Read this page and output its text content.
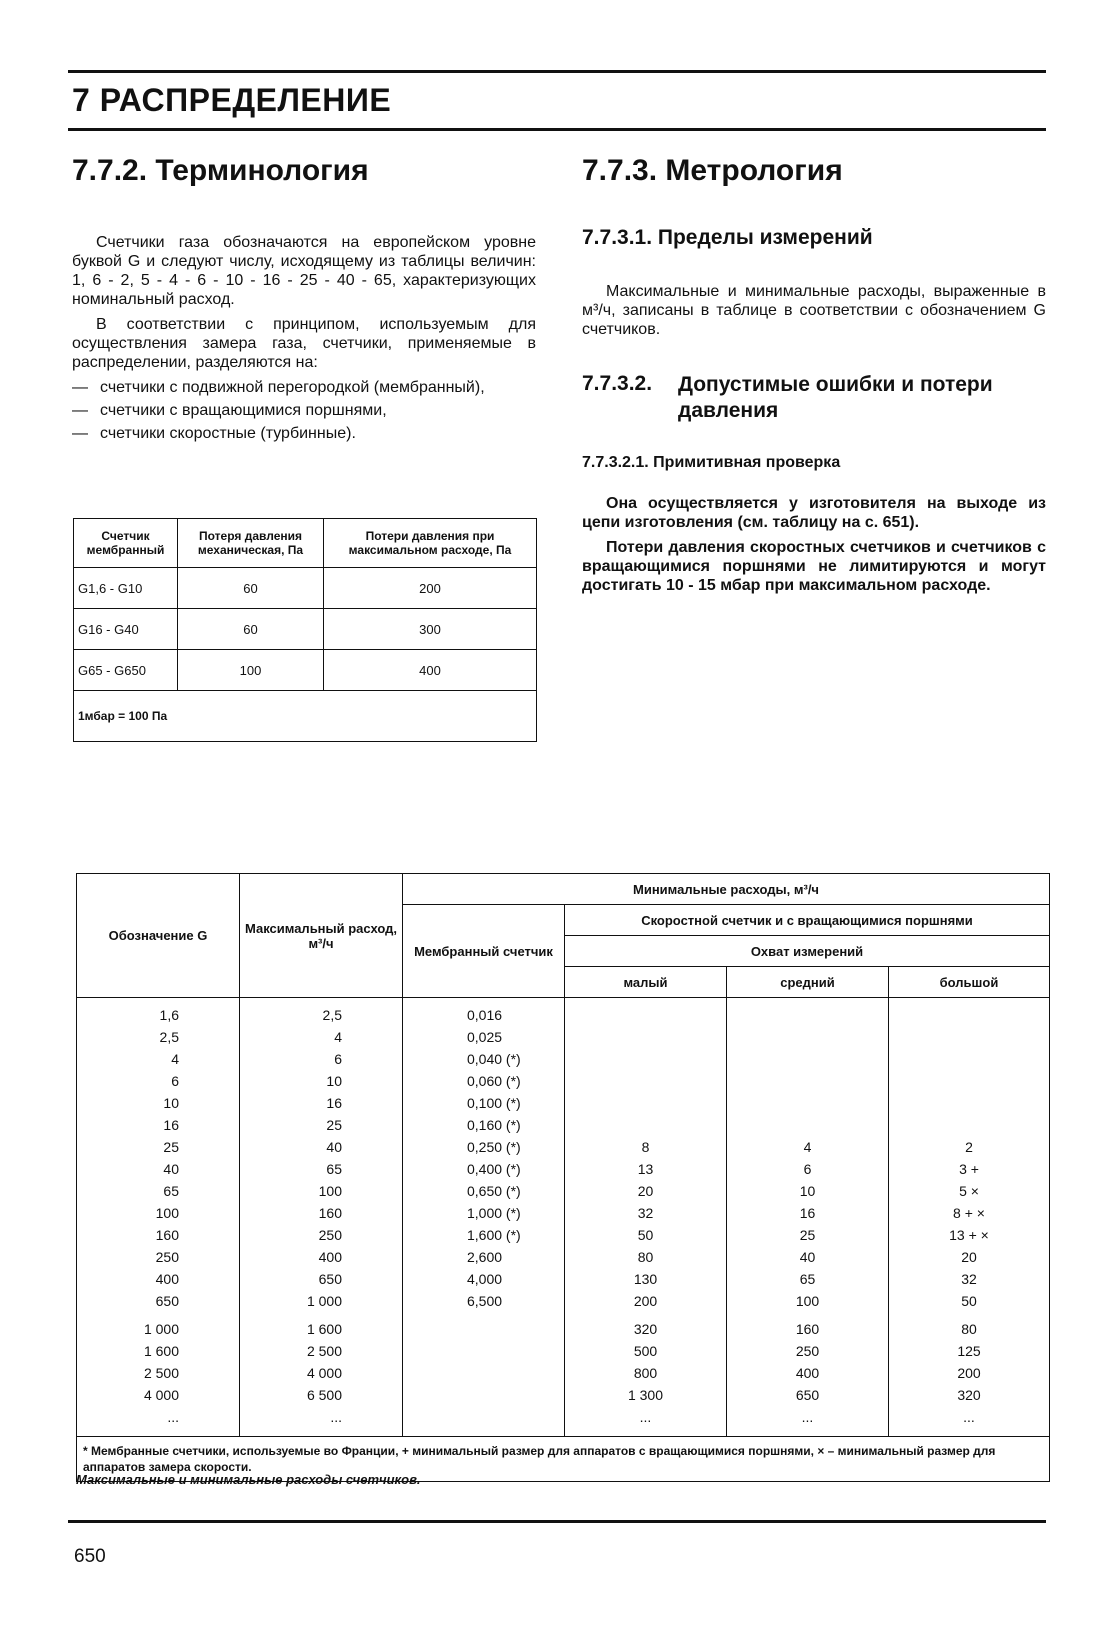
7 РАСПРЕДЕЛЕНИЕ
7.7.2. Терминология

Счетчики газа обозначаются на европейском уровне буквой G и следуют числу, исходящему из таблицы величин: 1, 6 - 2, 5 - 4 - 6 - 10 - 16 - 25 - 40 - 65, характеризующих номинальный расход.

В соответствии с принципом, используемым для осуществления замера газа, счетчики, применяемые в распределении, разделяются на:

— счетчики с подвижной перегородкой (мембранный),
— счетчики с вращающимися поршнями,
— счетчики скоростные (турбинные).
Счетчик мембранный	Потеря давления механическая, Па	Потери давления при максимальном расходе, Па
G1,6 - G10	60	200
G16 - G40	60	300
G65 - G650	100	400
1мбар = 100 Па		
7.7.3. Метрология
7.7.3.1. Пределы измерений

Максимальные и минимальные расходы, выраженные в м³/ч, записаны в таблице в соответствии с обозначением G счетчиков.

7.7.3.2.	Допустимые ошибки и потери давления
7.7.3.2.1. Примитивная проверка

Она осуществляется у изготовителя на выходе из цепи изготовления (см. таблицу на с. 651).

Потери давления скоростных счетчиков и счетчиков с вращающимися поршнями не лимитируются и могут достигать 10 - 15 мбар при максимальном расходе.

Обозначение G	Максимальный расход, м³/ч	Минимальные расходы, м³/ч			
		Мембранный счетчик	Скоростной счетчик и с вращающимися поршнями		
			Охват измерений		
			малый	средний	большой
1,6	2,5	0,016			
2,5	4	0,025			
4	6	0,040 (*)			
6	10	0,060 (*)			
10	16	0,100 (*)			
16	25	0,160 (*)			
25	40	0,250 (*)	8	4	2
40	65	0,400 (*)	13	6	3 +
65	100	0,650 (*)	20	10	5 ×
100	160	1,000 (*)	32	16	8 + ×
160	250	1,600 (*)	50	25	13 + ×
250	400	2,600	80	40	20
400	650	4,000	130	65	32
650	1 000	6,500	200	100	50
1 000	1 600		320	160	80
1 600	2 500		500	250	125
2 500	4 000		800	400	200
4 000	6 500		1 300	650	320
...	...		...	...	...
* Мембранные счетчики, используемые во Франции, + минимальный размер для аппаратов с вращающимися поршнями, × – минимальный размер для аппаратов замера скорости.					
Максимальные и минимальные расходы счетчиков.
650
